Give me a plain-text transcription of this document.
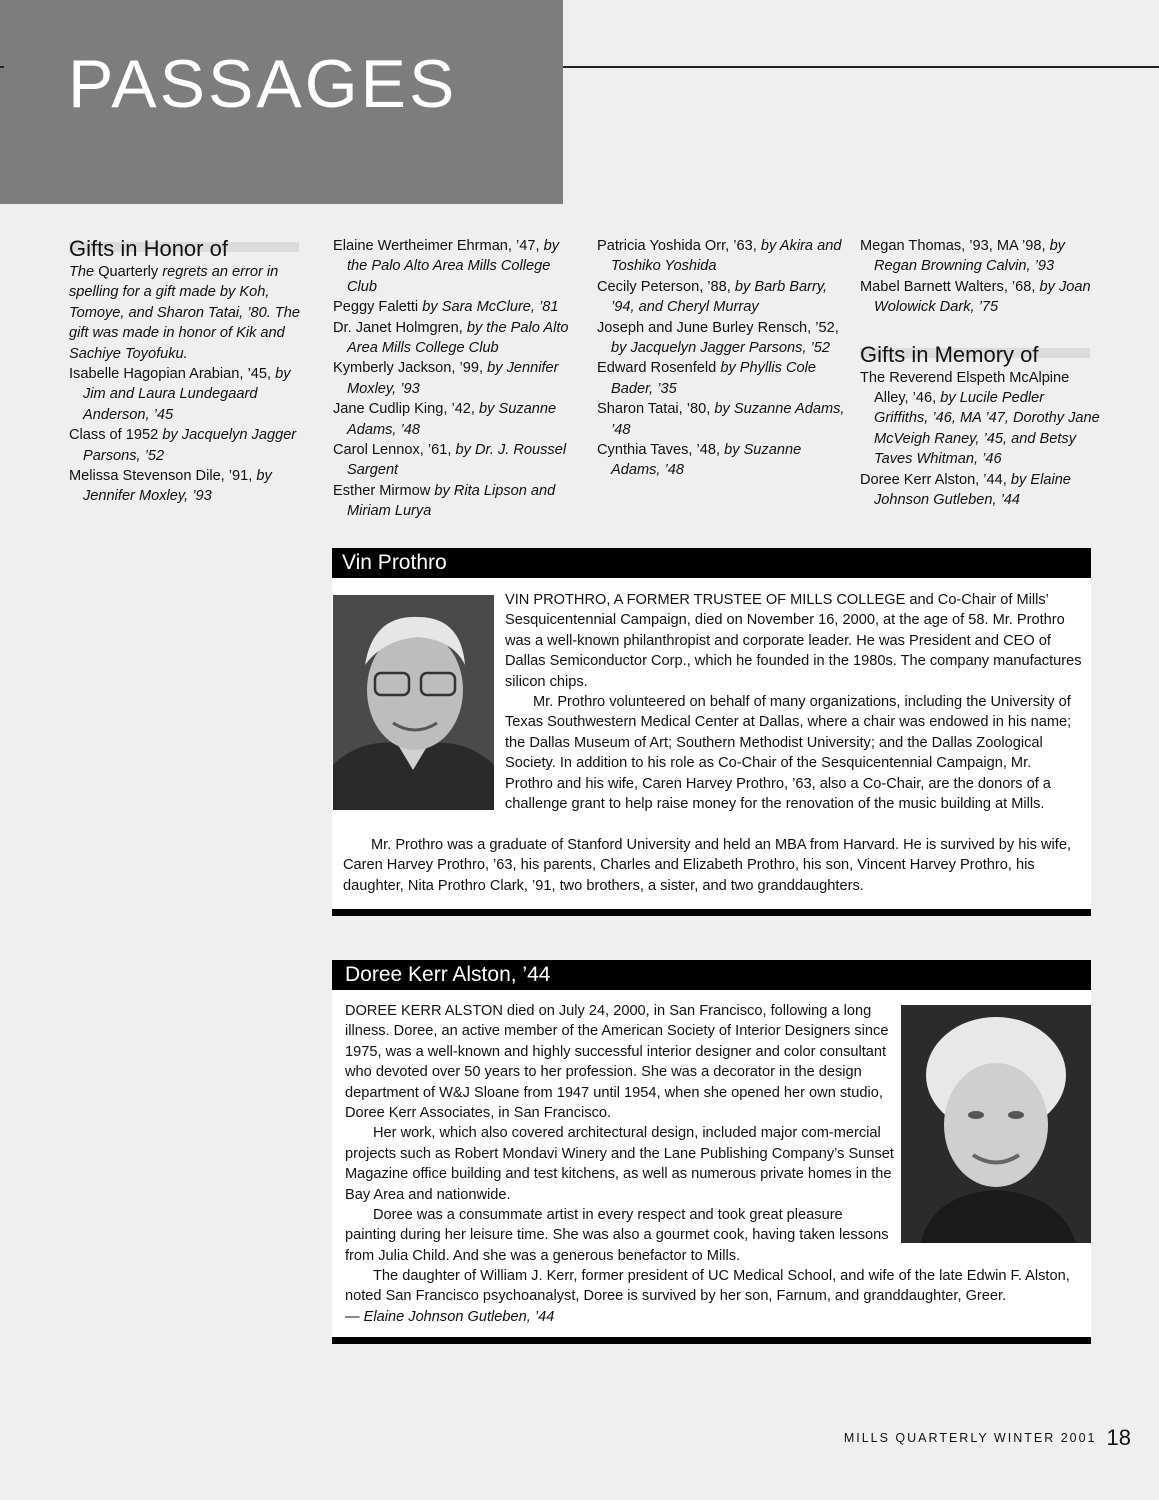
PASSAGES

Gifts in Honor of

The Quarterly regrets an error in spelling for a gift made by Koh, Tomoye, and Sharon Tatai, ’80. The gift was made in honor of Kik and Sachiye Toyofuku.

Isabelle Hagopian Arabian, ’45, by Jim and Laura Lundegaard Anderson, ’45

Class of 1952 by Jacquelyn Jagger Parsons, ’52

Melissa Stevenson Dile, ’91, by Jennifer Moxley, ’93

Elaine Wertheimer Ehrman, ’47, by the Palo Alto Area Mills College Club

Peggy Faletti by Sara McClure, ’81

Dr. Janet Holmgren, by the Palo Alto Area Mills College Club

Kymberly Jackson, ’99, by Jennifer Moxley, ’93

Jane Cudlip King, ’42, by Suzanne Adams, ’48

Carol Lennox, ’61, by Dr. J. Roussel Sargent

Esther Mirmow by Rita Lipson and Miriam Lurya

Patricia Yoshida Orr, ’63, by Akira and Toshiko Yoshida

Cecily Peterson, ’88, by Barb Barry, ’94, and Cheryl Murray

Joseph and June Burley Rensch, ’52, by Jacquelyn Jagger Parsons, ’52

Edward Rosenfeld by Phyllis Cole Bader, ’35

Sharon Tatai, ’80, by Suzanne Adams, ’48

Cynthia Taves, ’48, by Suzanne Adams, ’48

Megan Thomas, ’93, MA ’98, by Regan Browning Calvin, ’93

Mabel Barnett Walters, ’68, by Joan Wolowick Dark, ’75

Gifts in Memory of

The Reverend Elspeth McAlpine Alley, ’46, by Lucile Pedler Griffiths, ’46, MA ’47, Dorothy Jane McVeigh Raney, ’45, and Betsy Taves Whitman, ’46

Doree Kerr Alston, ’44, by Elaine Johnson Gutleben, ’44

Vin Prothro

VIN PROTHRO, A FORMER TRUSTEE OF MILLS COLLEGE and Co-Chair of Mills’ Sesquicentennial Campaign, died on November 16, 2000, at the age of 58. Mr. Prothro was a well-known philanthropist and corporate leader. He was President and CEO of Dallas Semiconductor Corp., which he founded in the 1980s. The company manufactures silicon chips.

Mr. Prothro volunteered on behalf of many organizations, including the University of Texas Southwestern Medical Center at Dallas, where a chair was endowed in his name; the Dallas Museum of Art; Southern Methodist University; and the Dallas Zoological Society. In addition to his role as Co-Chair of the Sesquicentennial Campaign, Mr. Prothro and his wife, Caren Harvey Prothro, ’63, also a Co-Chair, are the donors of a challenge grant to help raise money for the renovation of the music building at Mills.

Mr. Prothro was a graduate of Stanford University and held an MBA from Harvard. He is survived by his wife, Caren Harvey Prothro, ’63, his parents, Charles and Elizabeth Prothro, his son, Vincent Harvey Prothro, his daughter, Nita Prothro Clark, ’91, two brothers, a sister, and two granddaughters.

Doree Kerr Alston, ’44

DOREE KERR ALSTON died on July 24, 2000, in San Francisco, following a long illness. Doree, an active member of the American Society of Interior Designers since 1975, was a well-known and highly successful interior designer and color consultant who devoted over 50 years to her profession. She was a decorator in the design department of W&J Sloane from 1947 until 1954, when she opened her own studio, Doree Kerr Associates, in San Francisco.

Her work, which also covered architectural design, included major com-mercial projects such as Robert Mondavi Winery and the Lane Publishing Company’s Sunset Magazine office building and test kitchens, as well as numerous private homes in the Bay Area and nationwide.

Doree was a consummate artist in every respect and took great pleasure painting during her leisure time. She was also a gourmet cook, having taken lessons from Julia Child. And she was a generous benefactor to Mills.

The daughter of William J. Kerr, former president of UC Medical School, and wife of the late Edwin F. Alston, noted San Francisco psychoanalyst, Doree is survived by her son, Farnum, and granddaughter, Greer.

— Elaine Johnson Gutleben, ’44

MILLS QUARTERLY WINTER 2001 18
